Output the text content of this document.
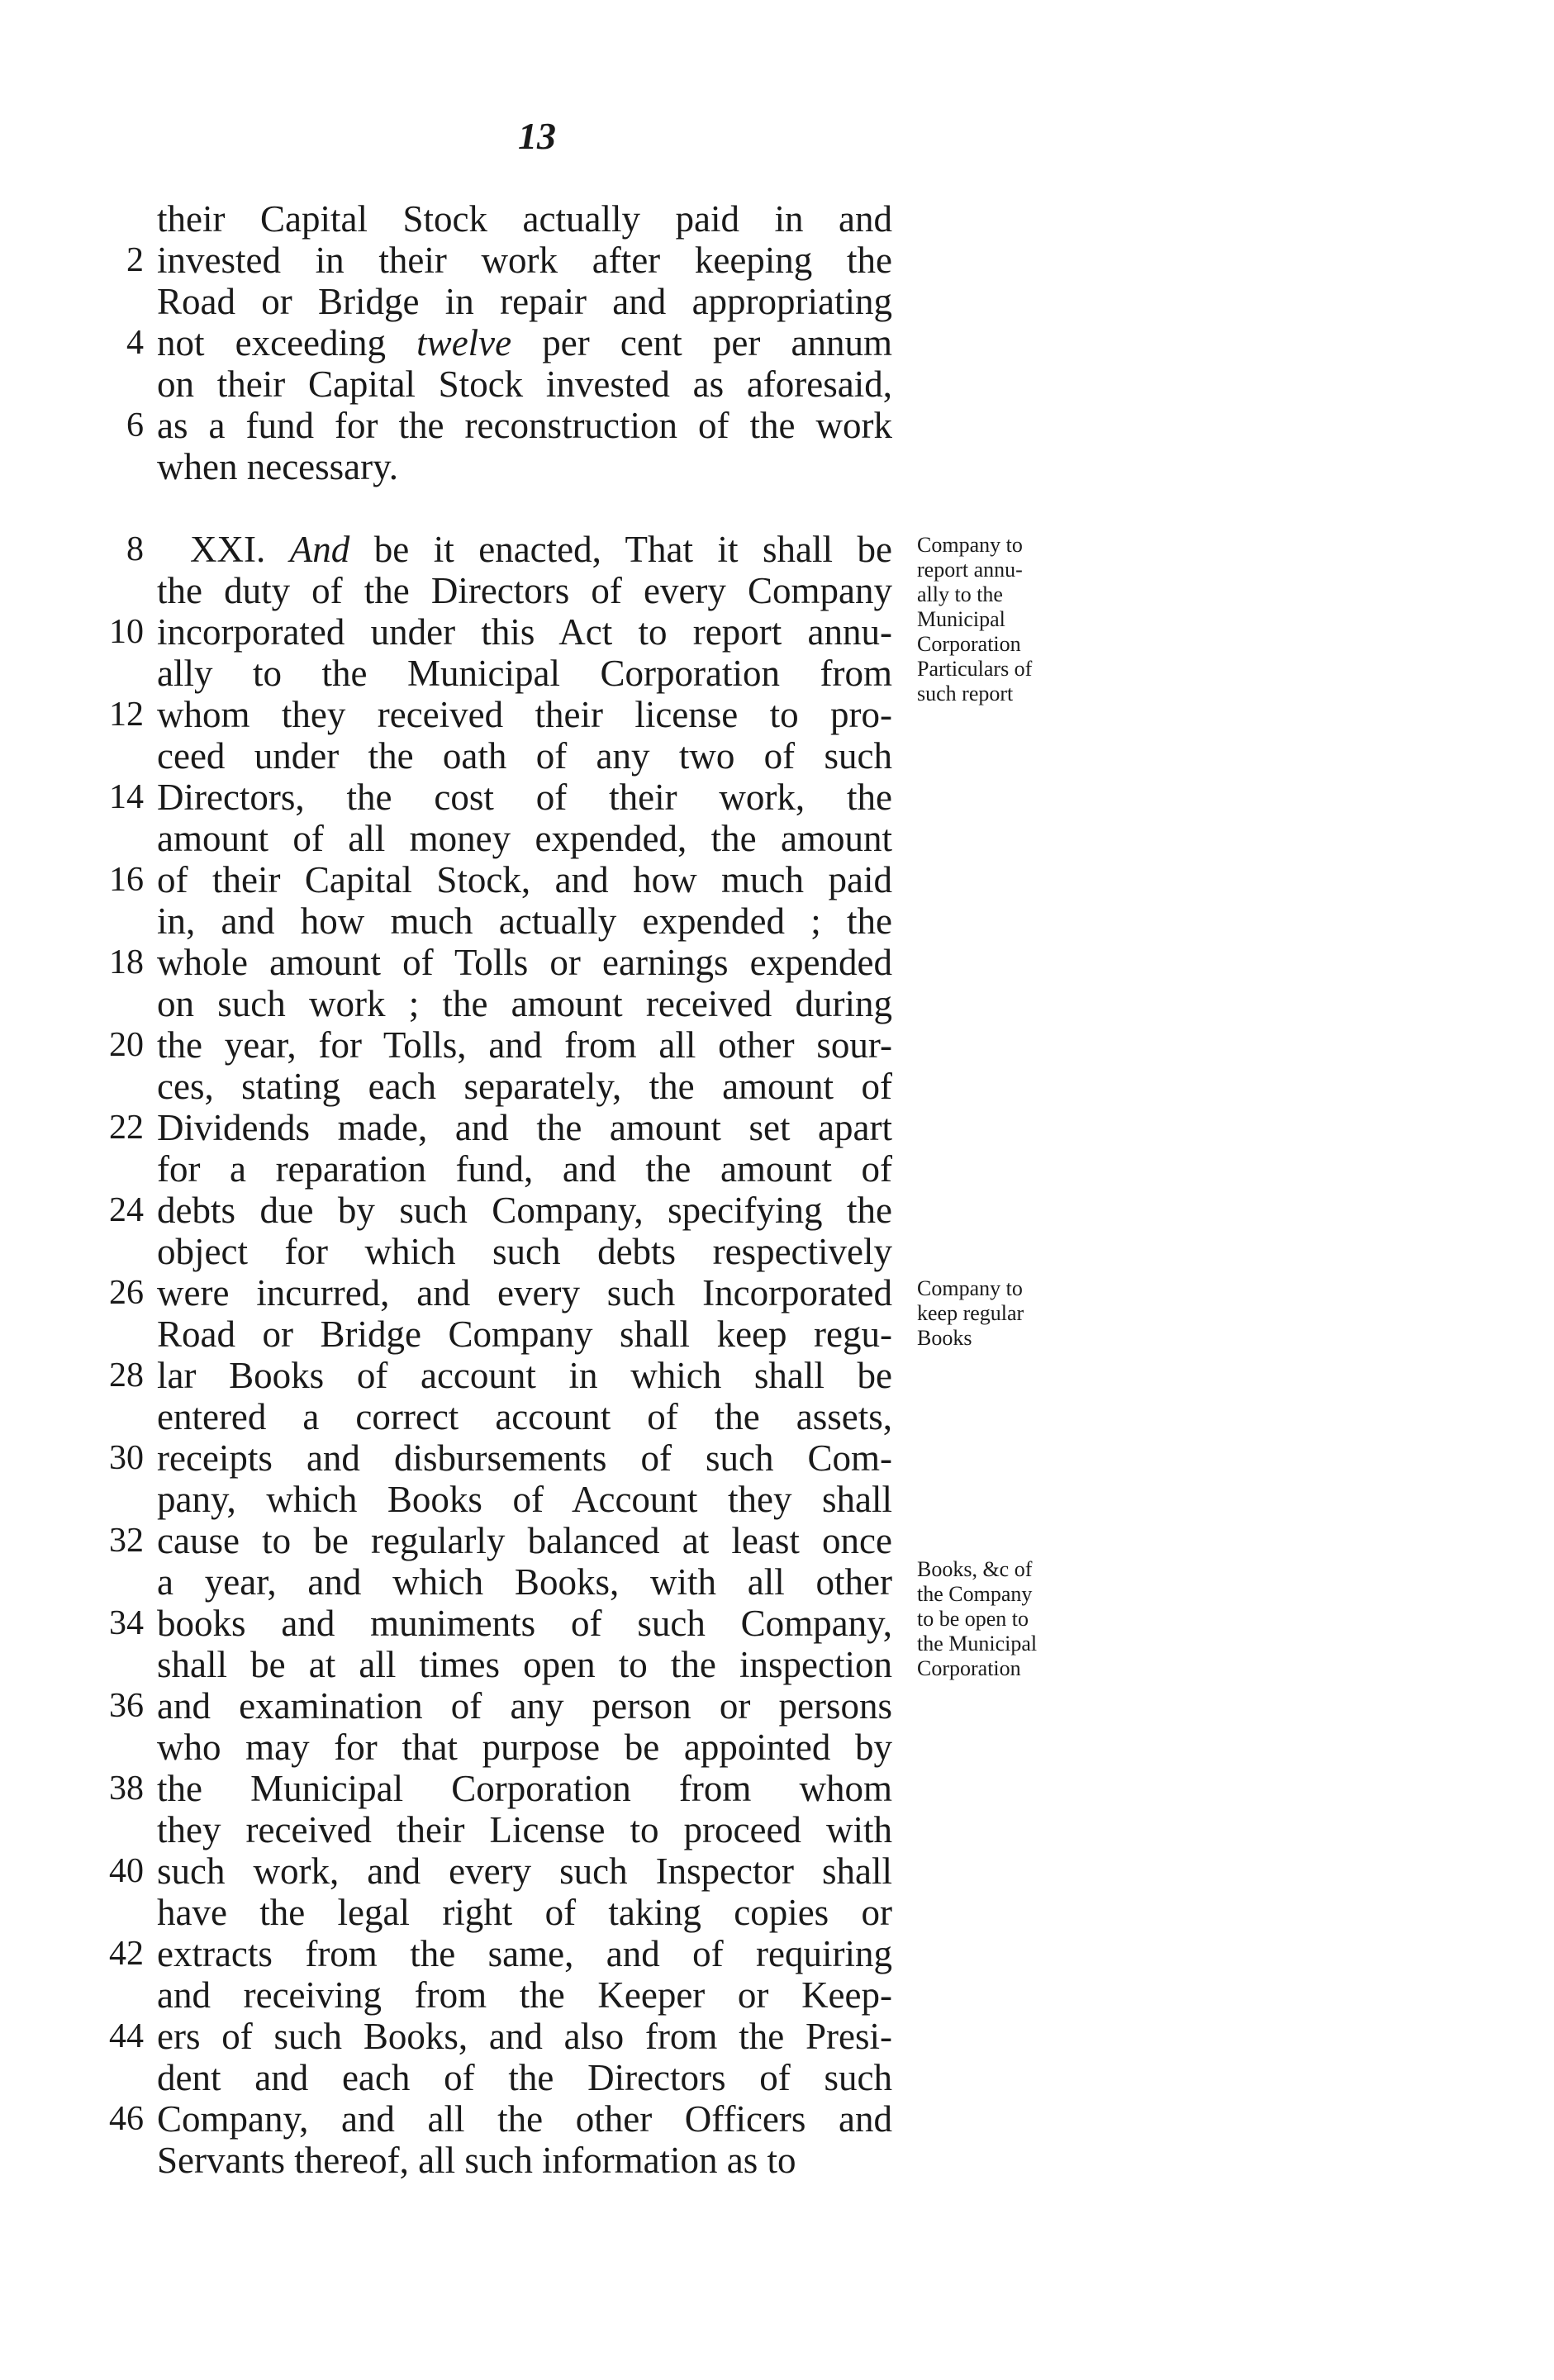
13
their Capital Stock actually paid in and
2 invested in their work after keeping the
Road or Bridge in repair and appropriating
4 not exceeding twelve per cent per annum
on their Capital Stock invested as aforesaid,
6 as a fund for the reconstruction of the work
when necessary.
8 XXI. And be it enacted, That it shall be
the duty of the Directors of every Company
10 incorporated under this Act to report annu-
ally to the Municipal Corporation from
12 whom they received their license to pro-
ceed under the oath of any two of such
14 Directors, the cost of their work, the
amount of all money expended, the amount
16 of their Capital Stock, and how much paid
in, and how much actually expended ; the
18 whole amount of Tolls or earnings expended
on such work ; the amount received during
20 the year, for Tolls, and from all other sour-
ces, stating each separately, the amount of
22 Dividends made, and the amount set apart
for a reparation fund, and the amount of
24 debts due by such Company, specifying the
object for which such debts respectively
26 were incurred, and every such Incorporated
Road or Bridge Company shall keep regu-
28 lar Books of account in which shall be
entered a correct account of the assets,
30 receipts and disbursements of such Com-
pany, which Books of Account they shall
32 cause to be regularly balanced at least once
a year, and which Books, with all other
34 books and muniments of such Company,
shall be at all times open to the inspection
36 and examination of any person or persons
who may for that purpose be appointed by
38 the Municipal Corporation from whom
they received their License to proceed with
40 such work, and every such Inspector shall
have the legal right of taking copies or
42 extracts from the same, and of requiring
and receiving from the Keeper or Keep-
44 ers of such Books, and also from the Presi-
dent and each of the Directors of such
46 Company, and all the other Officers and
Servants thereof, all such information as to
Company to
report annu-
ally to the
Municipal
Corporation
Particulars of
such report
Company to
keep regular
Books
Books, &c of
the Company
to be open to
the Municipal
Corporation
